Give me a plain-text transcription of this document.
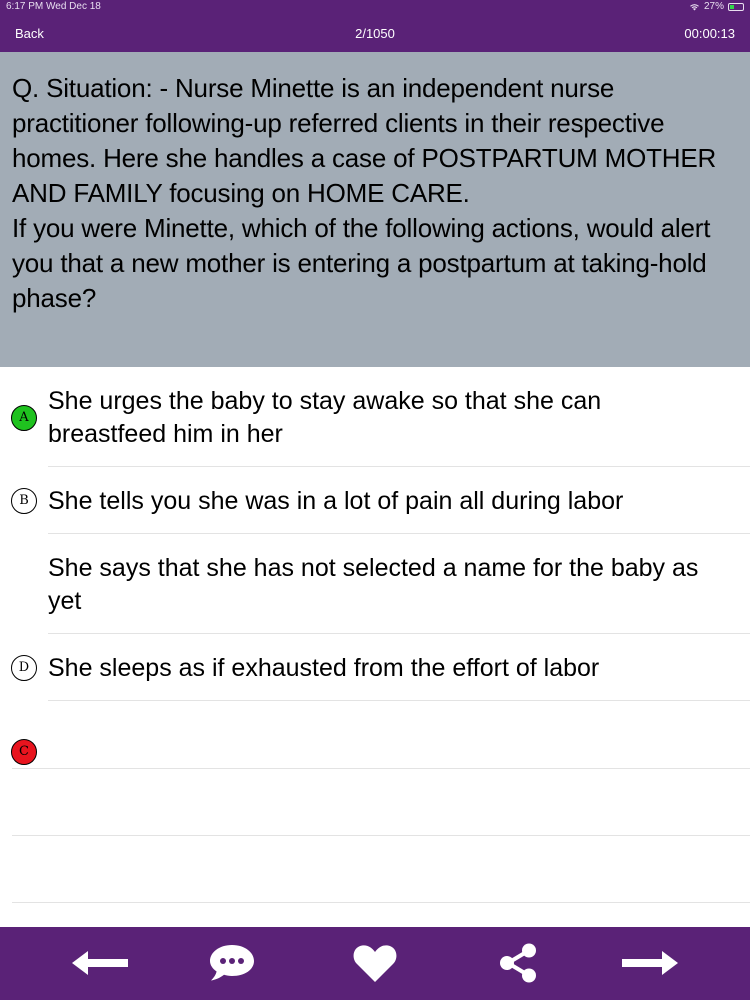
6:17 PM Wed Dec 18	27%
Back	2/1050	00:00:13
Q. Situation: - Nurse Minette is an independent nurse practitioner following-up referred clients in their respective homes. Here she handles a case of POSTPARTUM MOTHER AND FAMILY focusing on HOME CARE.
If you were Minette, which of the following actions, would alert you that a new mother is entering a postpartum at taking-hold phase?
A
She urges the baby to stay awake so that she can breastfeed him in her
B She tells you she was in a lot of pain all during labor
C
She says that she has not selected a name for the baby as yet
D She sleeps as if exhausted from the effort of labor
